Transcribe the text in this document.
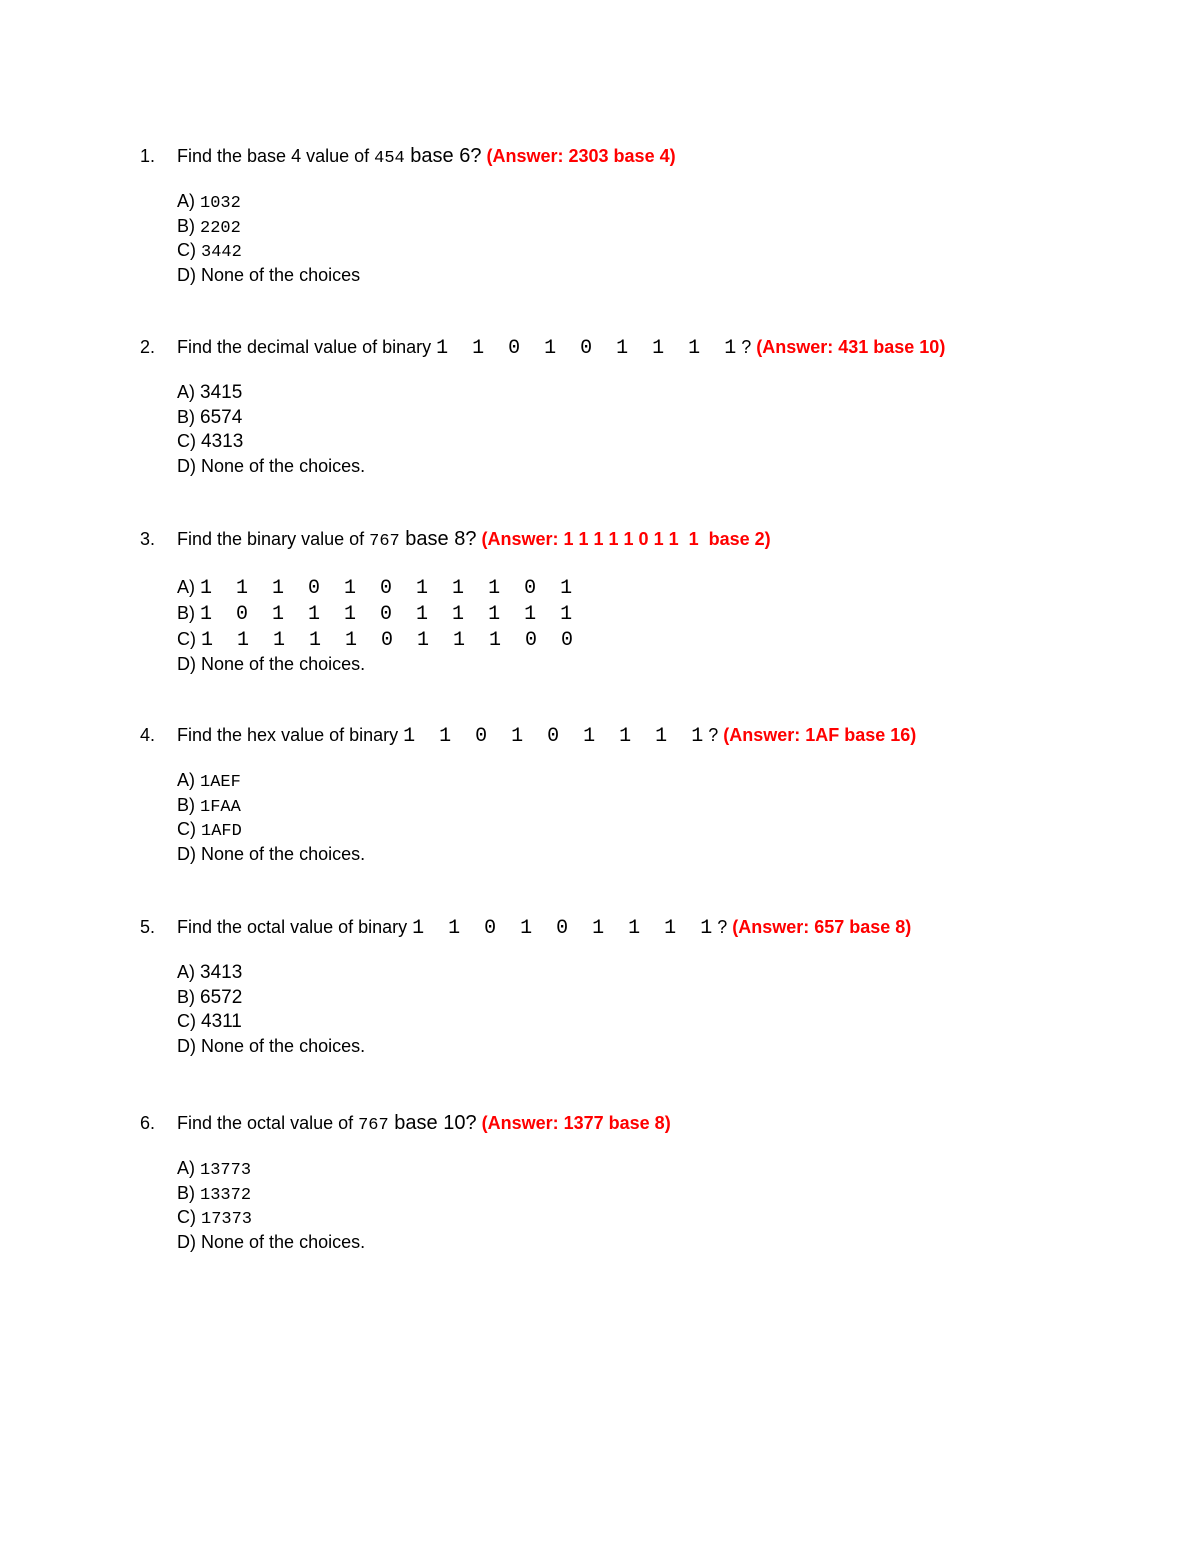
1. Find the base 4 value of 454 base 6? (Answer: 2303 base 4)
A) 1032
B) 2202
C) 3442
D) None of the choices
2. Find the decimal value of binary 1  1  0  1  0  1  1  1  1 ? (Answer: 431 base 10)
A) 3415
B) 6574
C) 4313
D) None of the choices.
3. Find the binary value of 767 base 8? (Answer: 1 1 1 1 1 0 1 1  1  base 2)
A) 1  1  1  0  1  0  1  1  1  0  1
B) 1  0  1  1  1  0  1  1  1  1  1
C) 1  1  1  1  1  0  1  1  1  0  0
D) None of the choices.
4. Find the hex value of binary 1  1  0  1  0  1  1  1  1 ? (Answer: 1AF base 16)
A) 1AEF
B) 1FAA
C) 1AFD
D) None of the choices.
5. Find the octal value of binary 1  1  0  1  0  1  1  1  1 ? (Answer: 657 base 8)
A) 3413
B) 6572
C) 4311
D) None of the choices.
6. Find the octal value of 767 base 10? (Answer: 1377 base 8)
A) 13773
B) 13372
C) 17373
D) None of the choices.
